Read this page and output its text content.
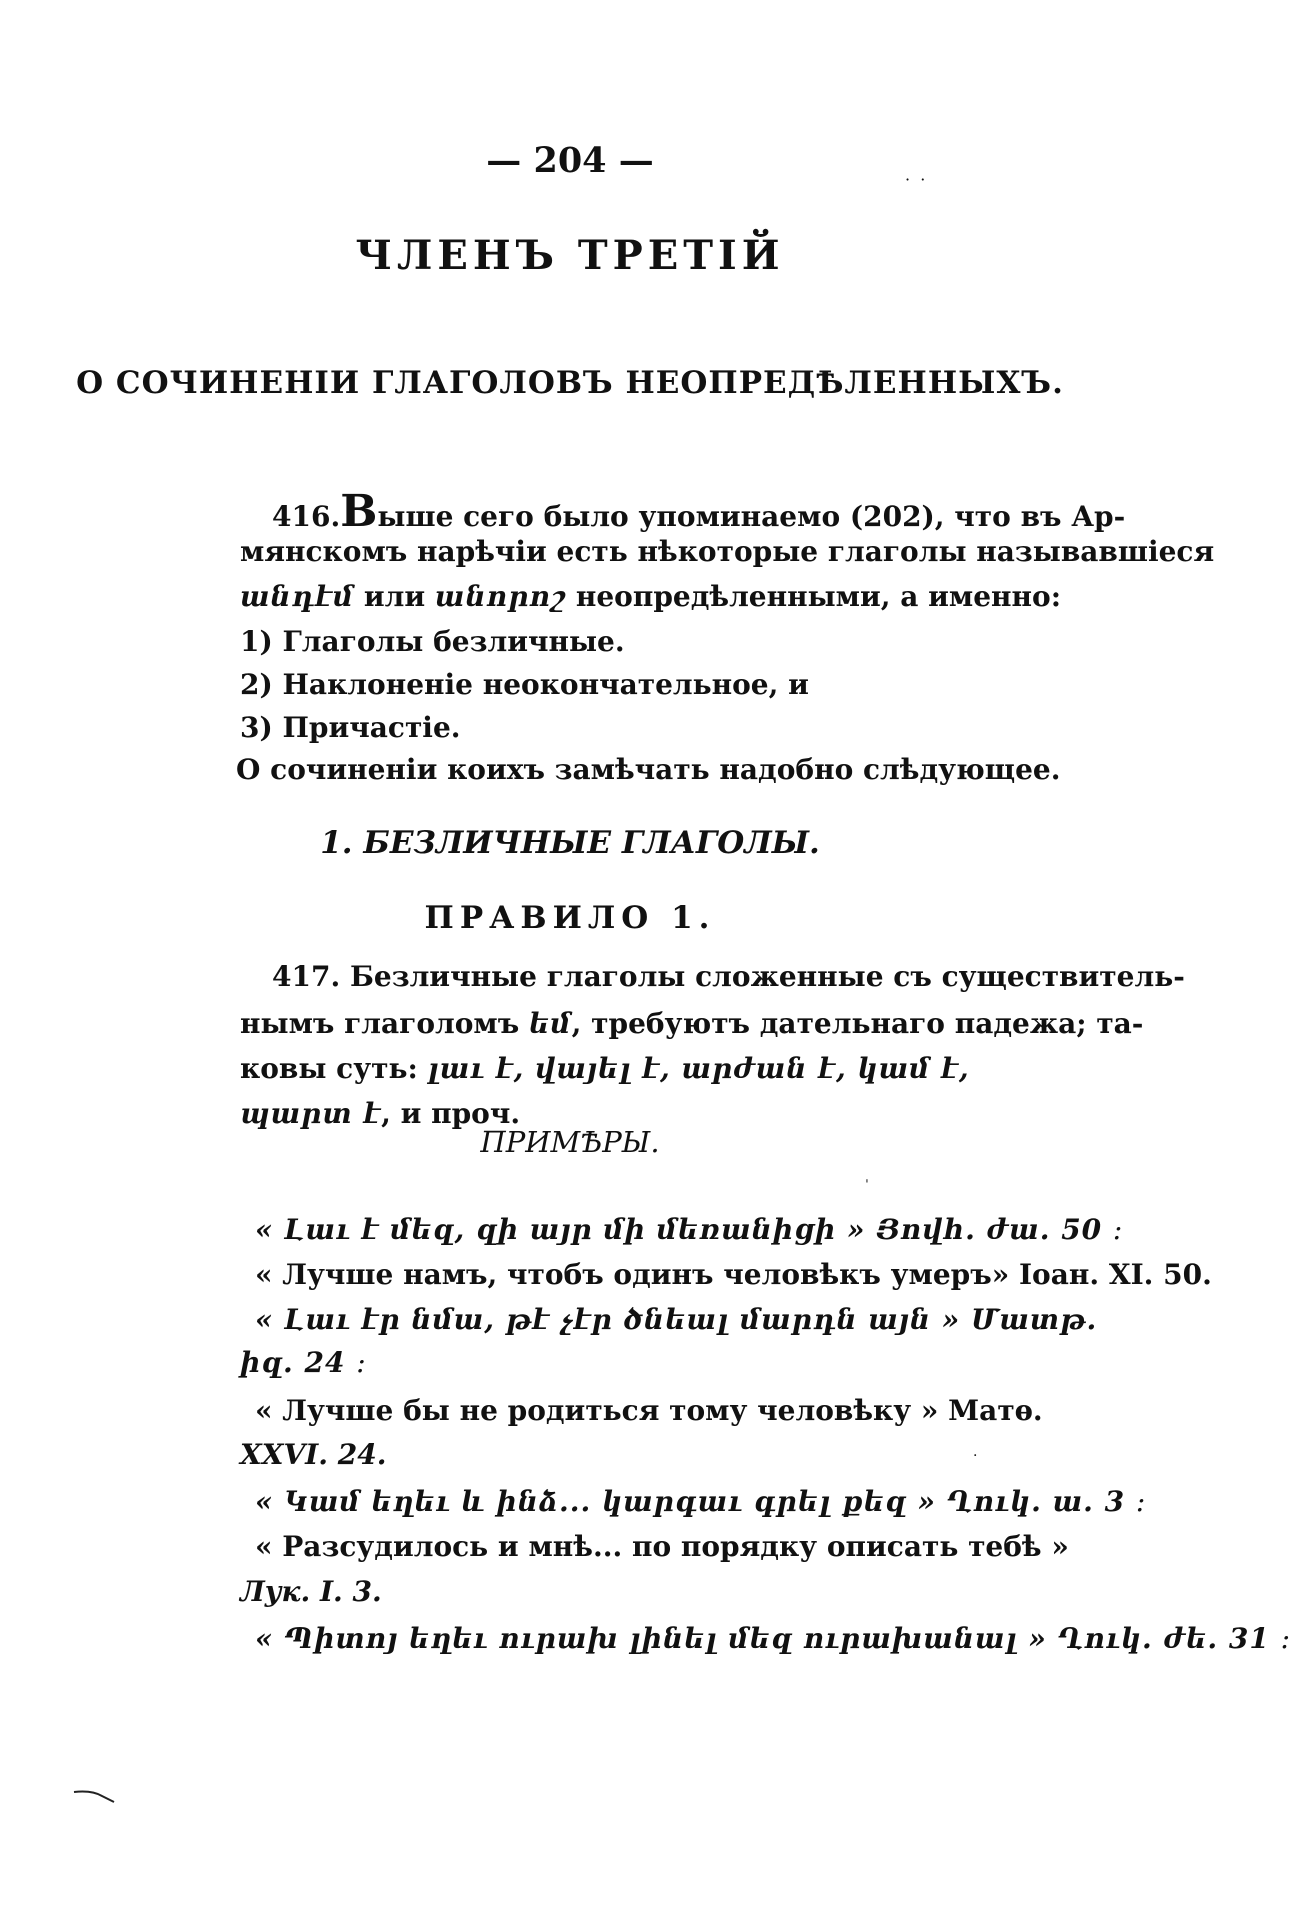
— 204 —	·  ·
ЧЛЕНЪ ТРЕТІЙ
О СОЧИНЕНІИ ГЛАГОЛОВЪ НЕОПРЕДѢЛЕННЫХЪ.
416.Выше сего было упоминаемо (202), что въ Ар-
мянскомъ нарѣчіи есть нѣкоторые глаголы называвшіеся
անդէմ или անորոշ неопредѣленными, а именно:
1) Глаголы безличные.
2) Наклоненіе неокончательное, и
3) Причастіе.
О сочиненіи коихъ замѣчать надобно слѣдующее.
1. БЕЗЛИЧНЫЕ ГЛАГОЛЫ.
ПРАВИЛО 1.
417. Безличные глаголы сложенные съ существитель-
нымъ глаголомъ եմ, требуютъ дательнаго падежа; та-
ковы суть: լաւ է, վայել է, արժան է, կամ է,
պարտ է, и проч.
ПРИМѢРЫ.
ˈ
« Լաւ է մեզ, զի այր մի մեռանիցի » Յովհ. ժա. 50 ։
« Лучше намъ, чтобъ одинъ человѣкъ умеръ» Іоан. XI. 50.
« Լաւ էր նմա, թէ չէր ծնեալ մարդն այն » Մատթ.
իզ. 24 ։
« Лучше бы не родиться тому человѣку » Матѳ.
XXVI. 24.	·
« Կամ եղեւ և ինձ... կարգաւ գրել քեզ » Ղուկ. ա. 3 ։
« Разсудилось и мнѣ... по порядку описать тебѣ »
Лук. I. 3.
« Պիտոյ եղեւ ուրախ լինել մեզ ուրախանալ » Ղուկ. ժե. 31 ։
